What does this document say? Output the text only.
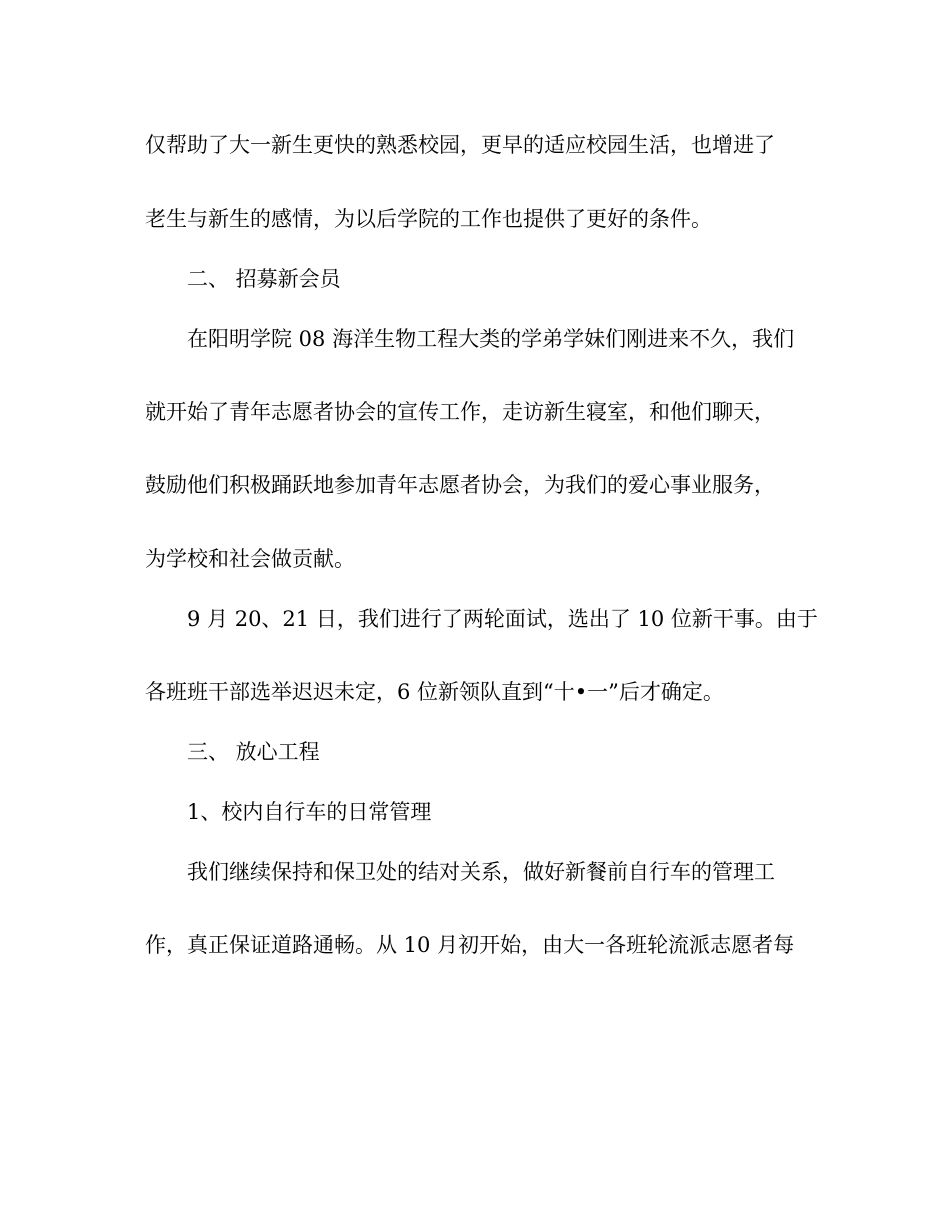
仅帮助了大一新生更快的熟悉校园，更早的适应校园生活，也增进了
老生与新生的感情，为以后学院的工作也提供了更好的条件。
二、 招募新会员
在阳明学院 08 海洋生物工程大类的学弟学妹们刚进来不久，我们
就开始了青年志愿者协会的宣传工作，走访新生寝室，和他们聊天，
鼓励他们积极踊跃地参加青年志愿者协会，为我们的爱心事业服务，
为学校和社会做贡献。
9 月 20、21 日，我们进行了两轮面试，选出了 10 位新干事。由于
各班班干部选举迟迟未定，6 位新领队直到“十•一”后才确定。
三、 放心工程
1、校内自行车的日常管理
我们继续保持和保卫处的结对关系，做好新餐前自行车的管理工
作，真正保证道路通畅。从 10 月初开始，由大一各班轮流派志愿者每
